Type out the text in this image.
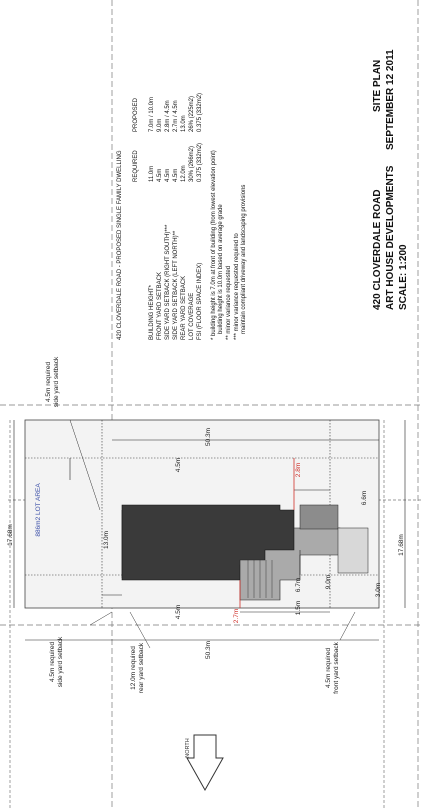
17.68m	17.68m
50.3m
50.3m
13.0m
4.5m
4.5m	1.5m
6.7m	9.0m
6.6m
3.0m
2.8m
2.7m
886m2 LOT AREA
4.5m required side yard setback
4.5m required side yard setback	12.0m required rear yard setback	4.5m required front yard setback
NORTH
420 CLOVERDALE ROAD - PROPOSED SINGLE FAMILY DWELLING REQUIRED
PROPOSED
BUILDING HEIGHT*
11.0m
7.0m / 10.0m
FRONT YARD SETBACK
4.5m
9.0m
SIDE YARD SETBACK (RIGHT SOUTH)***
4.5m
2.8m / 4.5m
SIDE YARD SETBACK (LEFT NORTH)**
4.5m
2.7m / 4.5m
REAR YARD SETBACK
12.0m
13.0m
LOT COVERAGE
30% (266m2)
26% (225m2)
FSI (FLOOR SPACE INDEX)
0.375 (332m2)
0.375 (332m2)
* building height is 7.0m at front of building (from lowest elevation point) building height is 10.0m based on average grade ** minor variance requested *** minor variance requested required to maintain compliant driveway and landscaping provisions
SITE PLAN SEPTEMBER 12 2011
420 CLOVERDALE ROAD ART HOUSE DEVELOPMENTS SCALE: 1:200
